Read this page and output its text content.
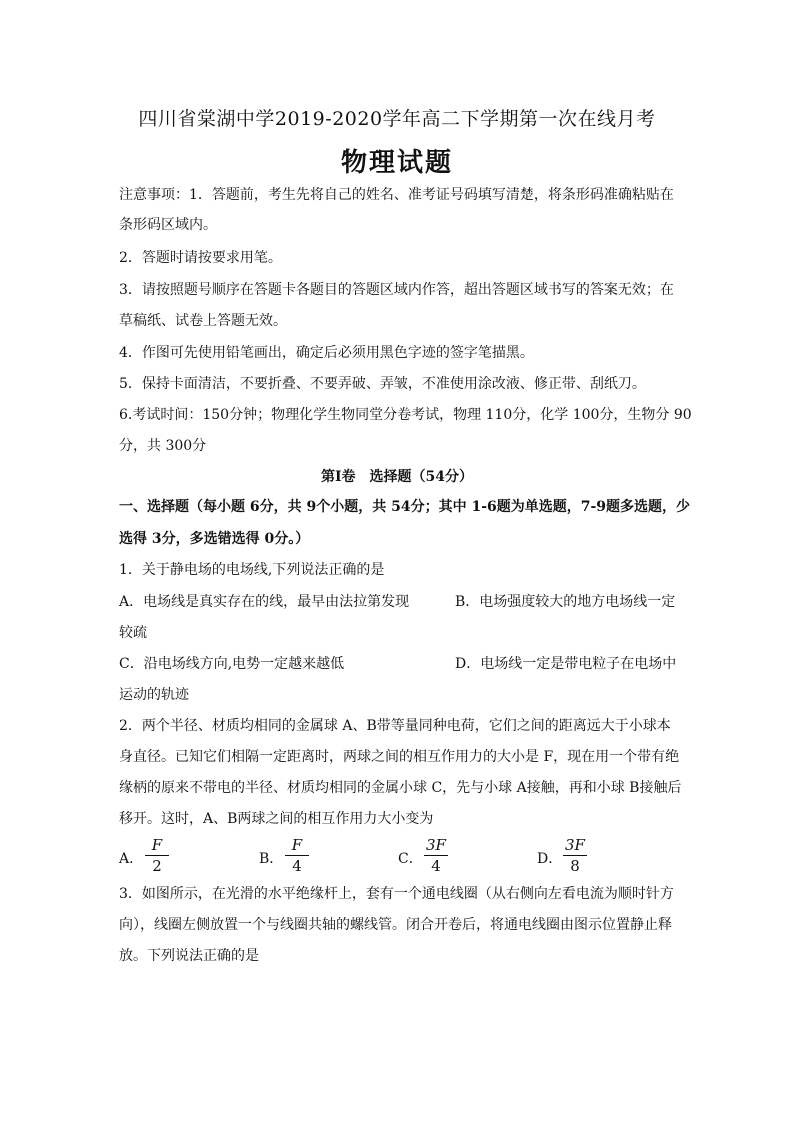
四川省棠湖中学2019-2020学年高二下学期第一次在线月考
物理试题
注意事项：1．答题前，考生先将自己的姓名、准考证号码填写清楚，将条形码准确粘贴在
条形码区域内。
2．答题时请按要求用笔。
3．请按照题号顺序在答题卡各题目的答题区域内作答，超出答题区域书写的答案无效；在
草稿纸、试卷上答题无效。
4．作图可先使用铅笔画出，确定后必须用黑色字迹的签字笔描黑。
5．保持卡面清洁，不要折叠、不要弄破、弄皱，不准使用涂改液、修正带、刮纸刀。
6.考试时间：150分钟；物理化学生物同堂分卷考试，物理 110分，化学 100分，生物分 90
分，共 300分
第Ⅰ卷　选择题（54分）
一、选择题（每小题 6分，共 9个小题，共 54分；其中 1-6题为单选题，7-9题多选题，少
选得 3分，多选错选得 0分。）
1．关于静电场的电场线,下列说法正确的是
A．电场线是真实存在的线，最早由法拉第发现	B．电场强度较大的地方电场线一定
较疏
C．沿电场线方向,电势一定越来越低	D．电场线一定是带电粒子在电场中
运动的轨迹
2．两个半径、材质均相同的金属球 A、B带等量同种电荷，它们之间的距离远大于小球本
身直径。已知它们相隔一定距离时，两球之间的相互作用力的大小是 F，现在用一个带有绝
缘柄的原来不带电的半径、材质均相同的金属小球 C，先与小球 A接触，再和小球 B接触后
移开。这时，A、B两球之间的相互作用力大小变为
A．
F
2	B．
F
4	C．
3F
4	D．
3F
8
3．如图所示，在光滑的水平绝缘杆上，套有一个通电线圈（从右侧向左看电流为顺时针方
向），线圈左侧放置一个与线圈共轴的螺线管。闭合开卷后，将通电线圈由图示位置静止释
放。下列说法正确的是
